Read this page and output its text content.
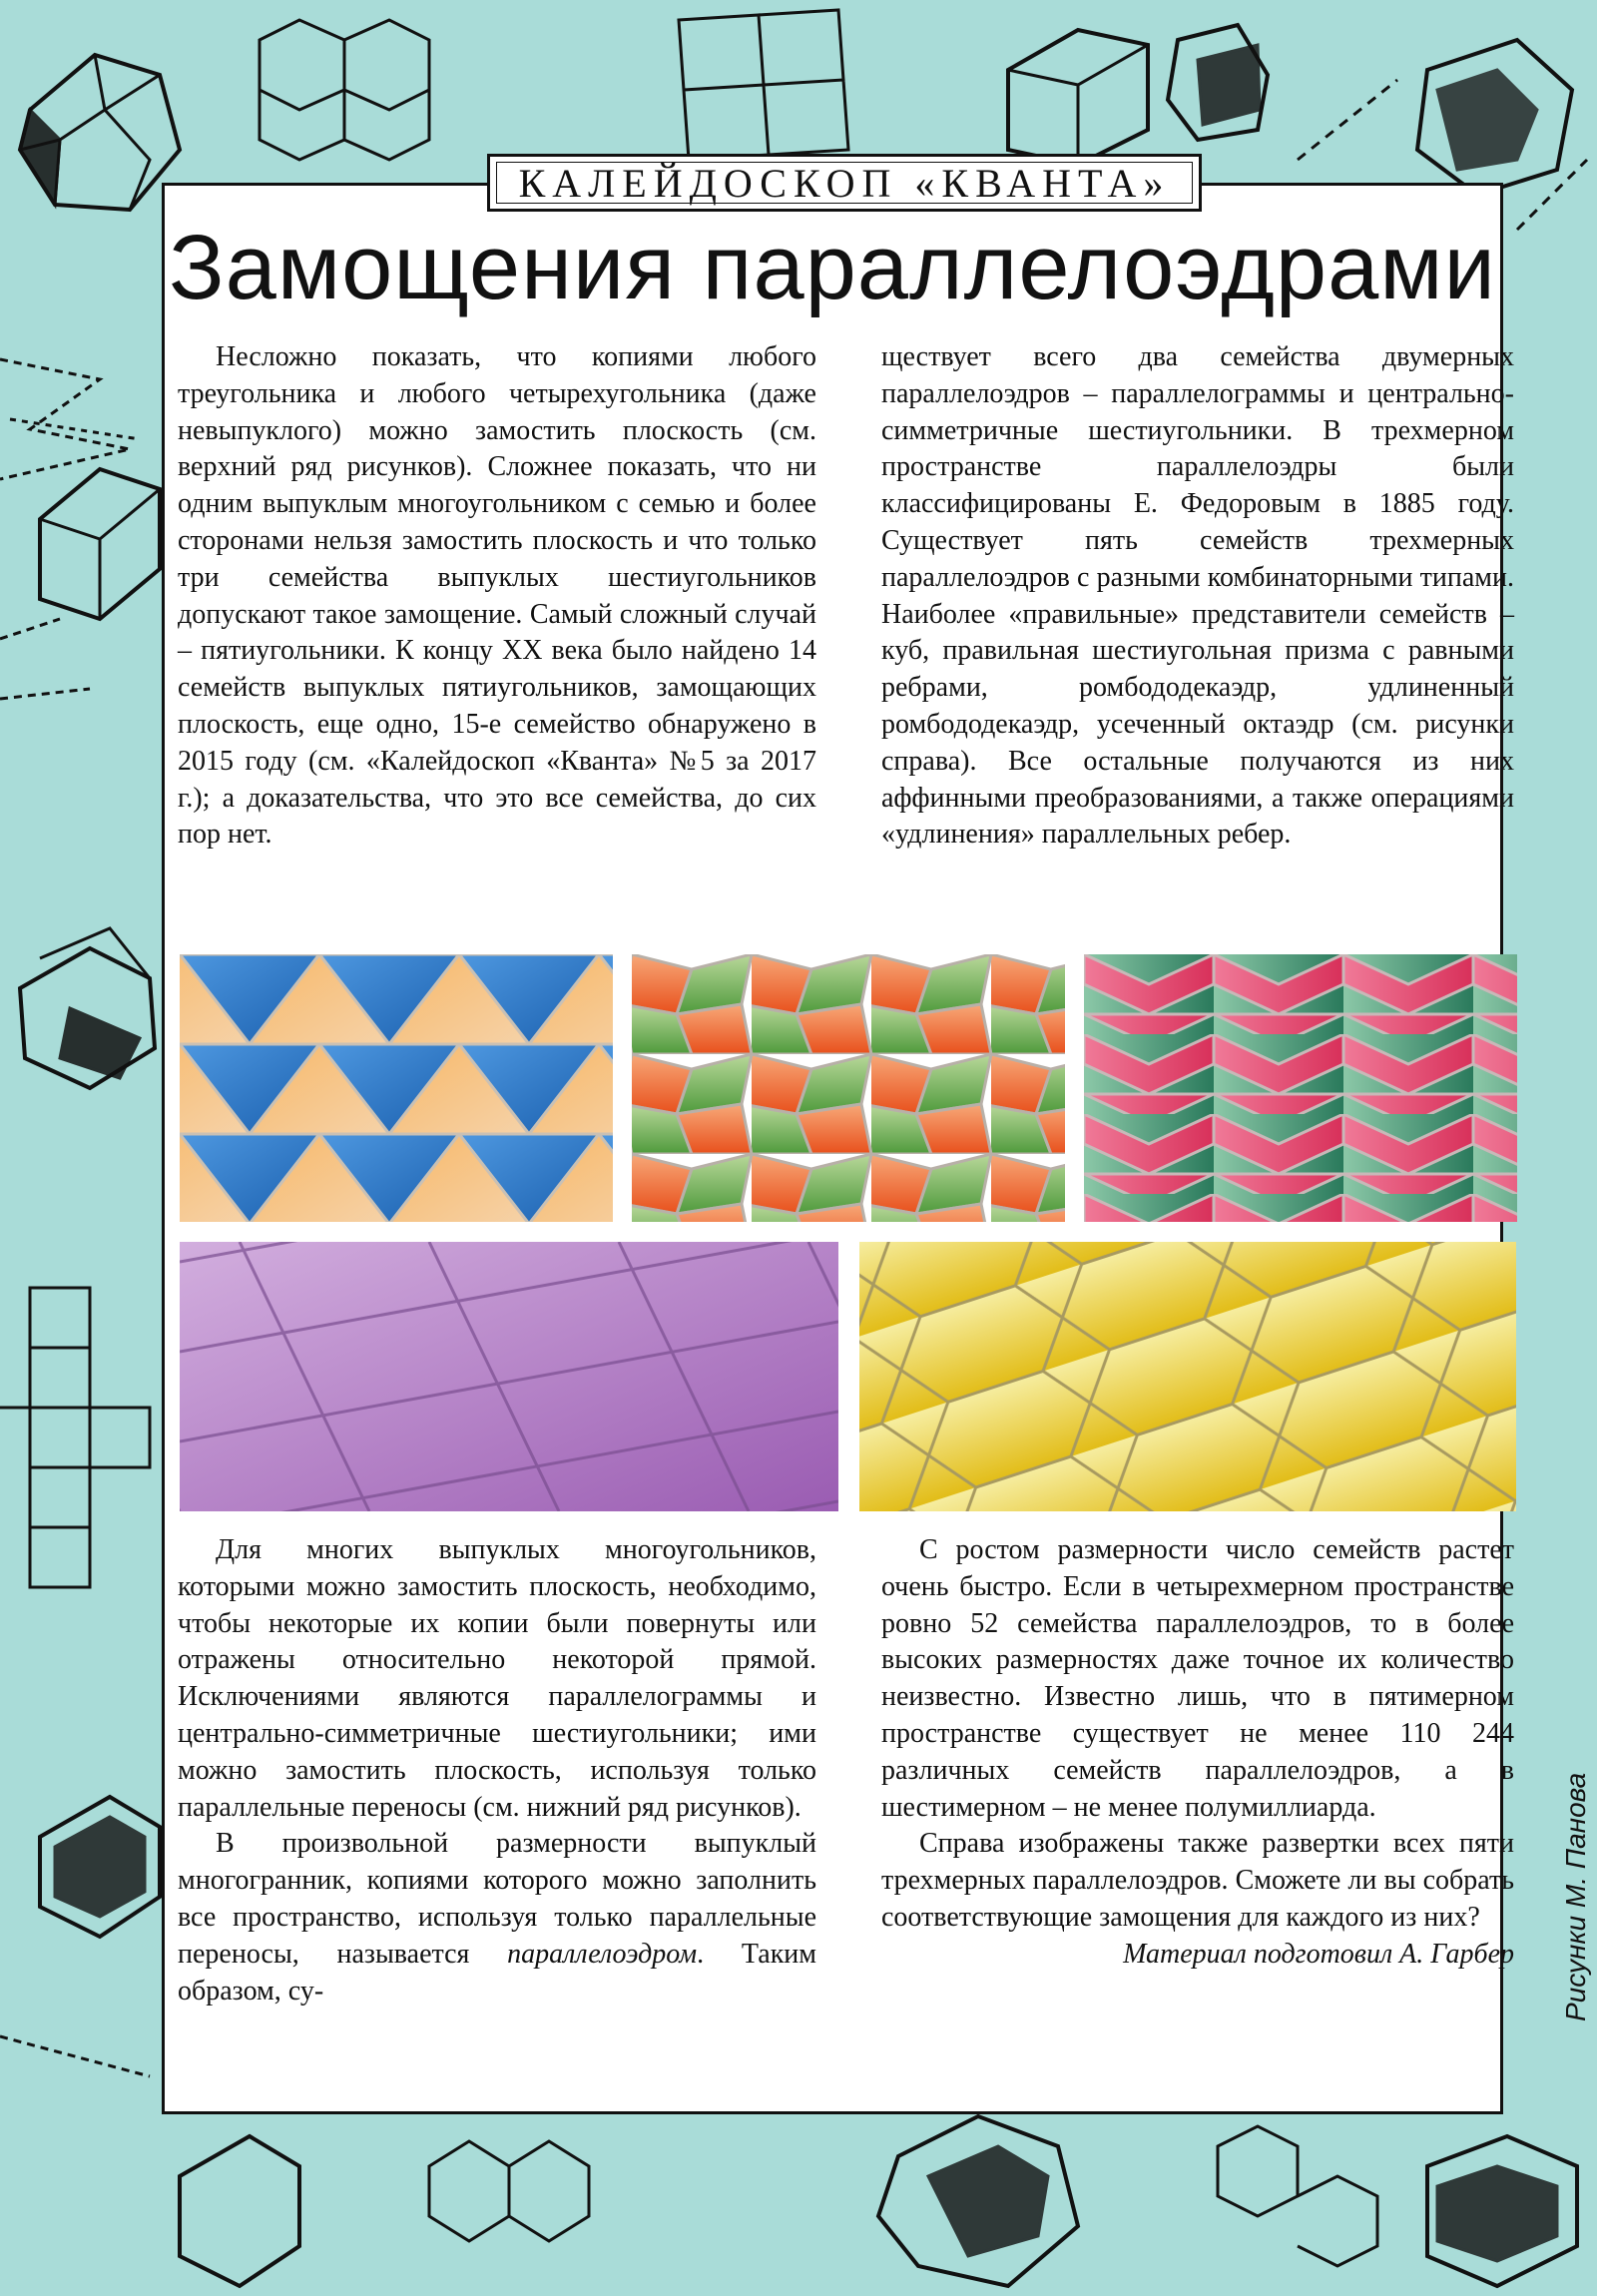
КАЛЕЙДОСКОП «КВАНТА»
Замощения параллелоэдрами

Несложно показать, что копиями любого треугольника и любого четырехугольника (даже невыпуклого) можно замостить плоскость (см. верхний ряд рисунков). Сложнее показать, что ни одним выпуклым многоугольником с семью и более сторонами нельзя замостить плоскость и что только три семейства выпуклых шестиугольников допускают такое замощение. Самый сложный случай – пятиугольники. К концу XX века было найдено 14 семейств выпуклых пятиугольников, замощающих плоскость, еще одно, 15-е семейство обнаружено в 2015 году (см. «Калейдоскоп «Кванта» №5 за 2017 г.); а доказательства, что это все семейства, до сих пор нет.

ществует всего два семейства двумерных параллелоэдров – параллелограммы и центрально-симметричные шестиугольники. В трехмерном пространстве параллелоэдры были классифицированы Е. Федоровым в 1885 году. Существует пять семейств трехмерных параллелоэдров с разными комбинаторными типами. Наиболее «правильные» представители семейств – куб, правильная шестиугольная призма с равными ребрами, ромбододекаэдр, удлиненный ромбододекаэдр, усеченный октаэдр (см. рисунки справа). Все остальные получаются из них аффинными преобразованиями, а также операциями «удлинения» параллельных ребер.

Для многих выпуклых многоугольников, которыми можно замостить плоскость, необходимо, чтобы некоторые их копии были повернуты или отражены относительно некоторой прямой. Исключениями являются параллелограммы и центрально-симметричные шестиугольники; ими можно замостить плоскость, используя только параллельные переносы (см. нижний ряд рисунков).

В произвольной размерности выпуклый многогранник, копиями которого можно заполнить все пространство, используя только параллельные переносы, называется параллелоэдром. Таким образом, су-

С ростом размерности число семейств растет очень быстро. Если в четырехмерном пространстве ровно 52 семейства параллелоэдров, то в более высоких размерностях даже точное их количество неизвестно. Известно лишь, что в пятимерном пространстве существует не менее 110 244 различных семейств параллелоэдров, а в шестимерном – не менее полумиллиарда.

Справа изображены также развертки всех пяти трехмерных параллелоэдров. Сможете ли вы собрать соответствующие замощения для каждого из них?

Материал подготовил А. Гарбер Рисунки М. Панова
